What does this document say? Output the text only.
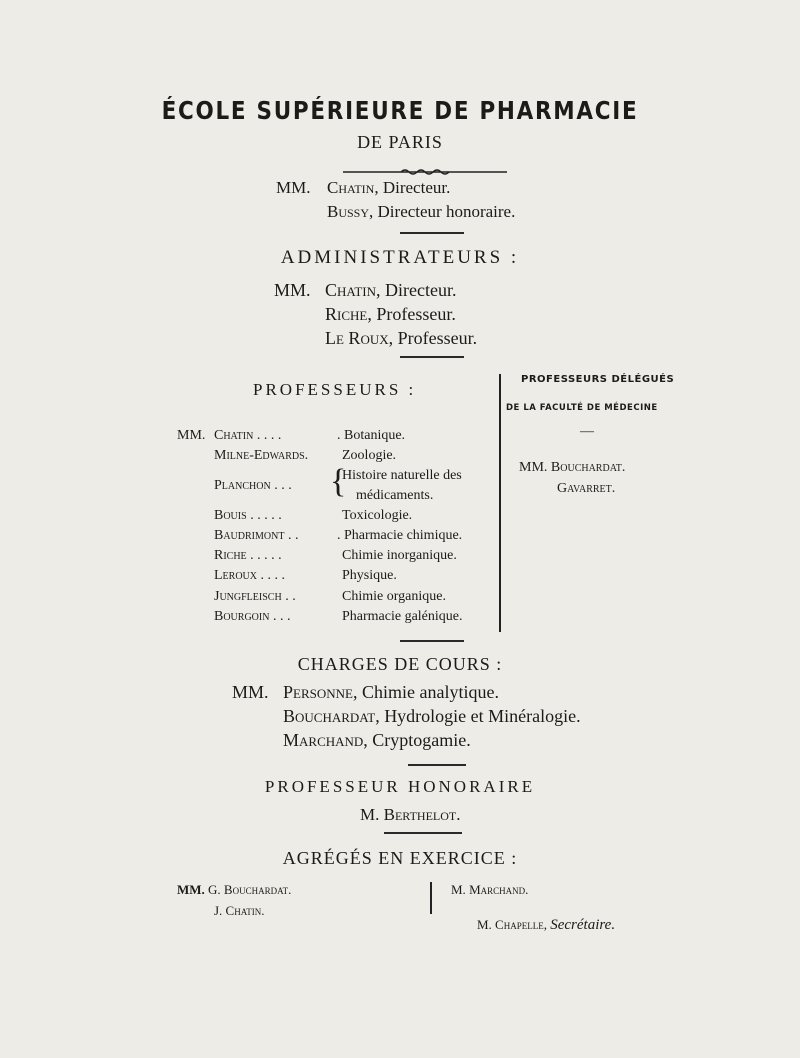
ÉCOLE SUPÉRIEURE DE PHARMACIE
DE PARIS
MM. Chatin, Directeur.
Bussy, Directeur honoraire.
ADMINISTRATEURS :
MM. Chatin, Directeur.
Riche, Professeur.
Le Roux, Professeur.
PROFESSEURS :
MM. Chatin . . . .	. Botanique.
Milne-Edwards. Zoologie.
Planchon . . . {
Histoire naturelle des
médicaments.
Bouis . . . . .	Toxicologie.
Baudrimont . .	. Pharmacie chimique.
Riche . . . . .	Chimie inorganique.
Leroux . . . .	Physique.
Jungfleisch . .	Chimie organique.
Bourgoin . . .	Pharmacie galénique.
PROFESSEURS DÉLÉGUÉS
DE LA FACULTÉ DE MÉDECINE
—
MM. Bouchardat.
Gavarret.
CHARGES DE COURS :
MM. Personne, Chimie analytique.
Bouchardat, Hydrologie et Minéralogie.
Marchand, Cryptogamie.
PROFESSEUR HONORAIRE
M. Berthelot.
AGRÉGÉS EN EXERCICE :
MM. G. Bouchardat.
J. Chatin.
M. Marchand.
M. Chapelle, Secrétaire.
